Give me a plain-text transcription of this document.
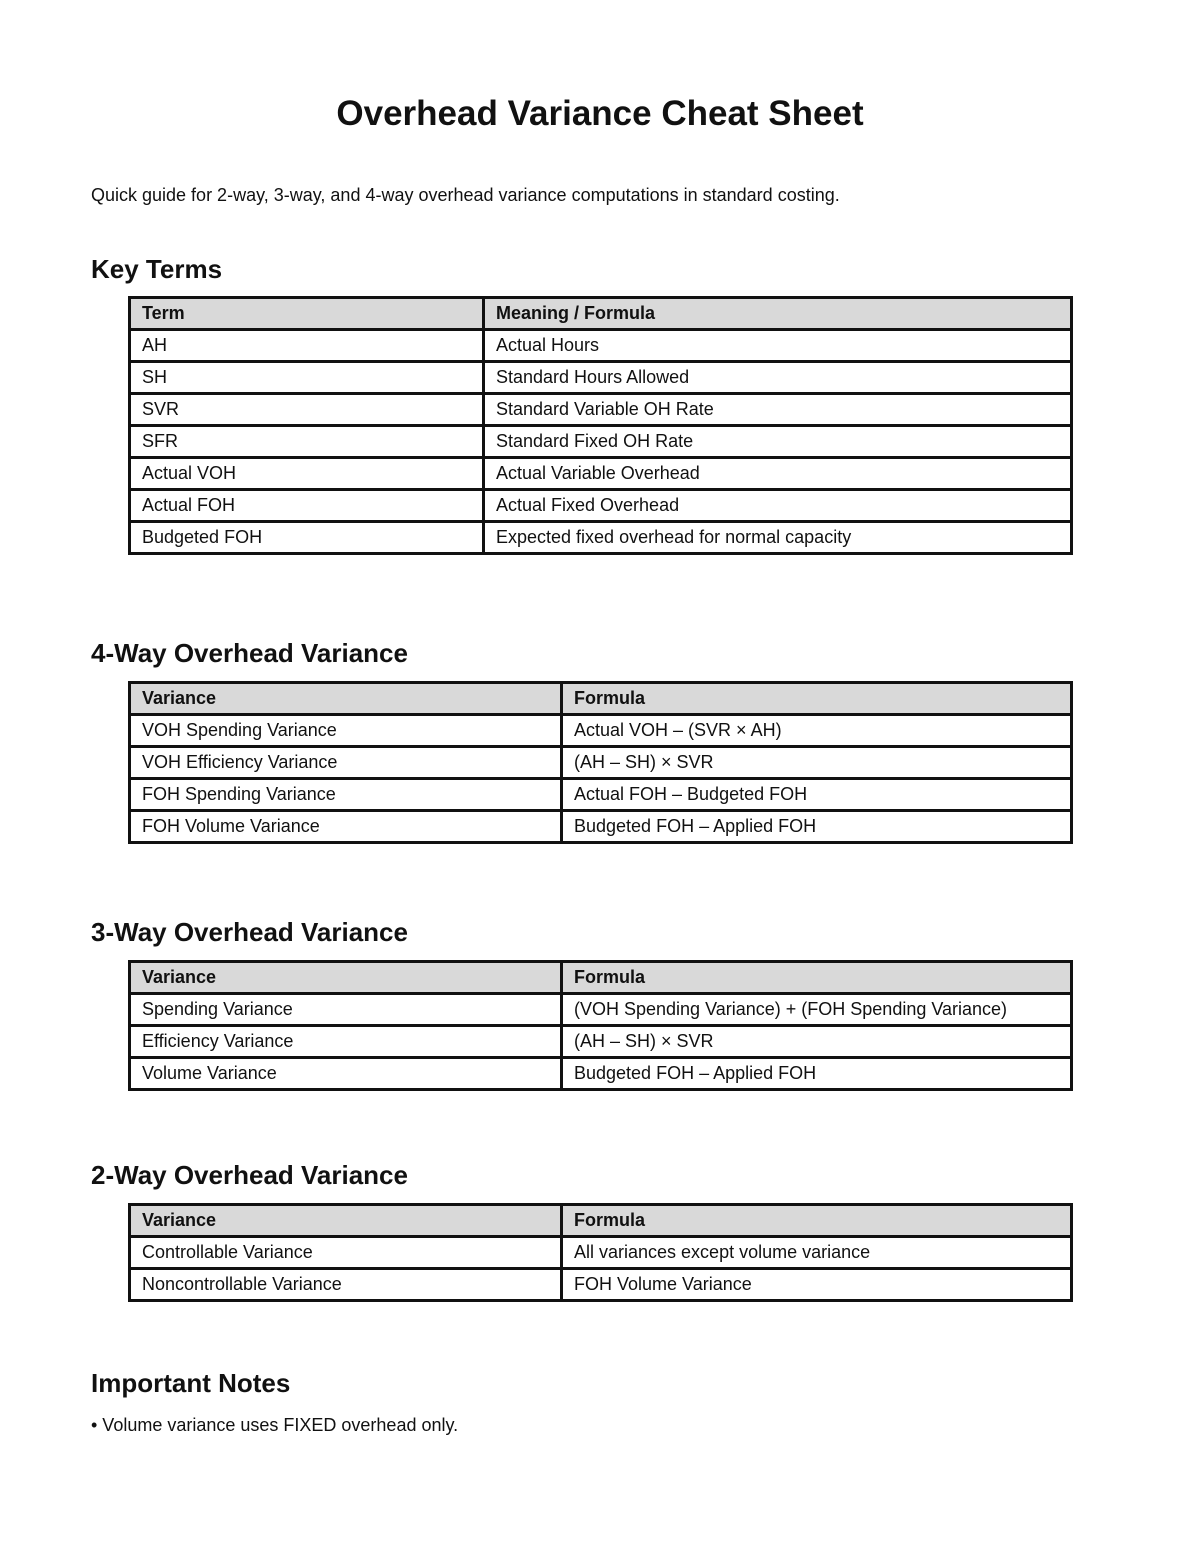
Overhead Variance Cheat Sheet

Quick guide for 2-way, 3-way, and 4-way overhead variance computations in standard costing.

Key Terms
Term	Meaning / Formula
AH	Actual Hours
SH	Standard Hours Allowed
SVR	Standard Variable OH Rate
SFR	Standard Fixed OH Rate
Actual VOH	Actual Variable Overhead
Actual FOH	Actual Fixed Overhead
Budgeted FOH	Expected fixed overhead for normal capacity
4-Way Overhead Variance
Variance	Formula
VOH Spending Variance	Actual VOH – (SVR × AH)
VOH Efficiency Variance	(AH – SH) × SVR
FOH Spending Variance	Actual FOH – Budgeted FOH
FOH Volume Variance	Budgeted FOH – Applied FOH
3-Way Overhead Variance
Variance	Formula
Spending Variance	(VOH Spending Variance) + (FOH Spending Variance)
Efficiency Variance	(AH – SH) × SVR
Volume Variance	Budgeted FOH – Applied FOH
2-Way Overhead Variance
Variance	Formula
Controllable Variance	All variances except volume variance
Noncontrollable Variance	FOH Volume Variance
Important Notes
• Volume variance uses FIXED overhead only.
